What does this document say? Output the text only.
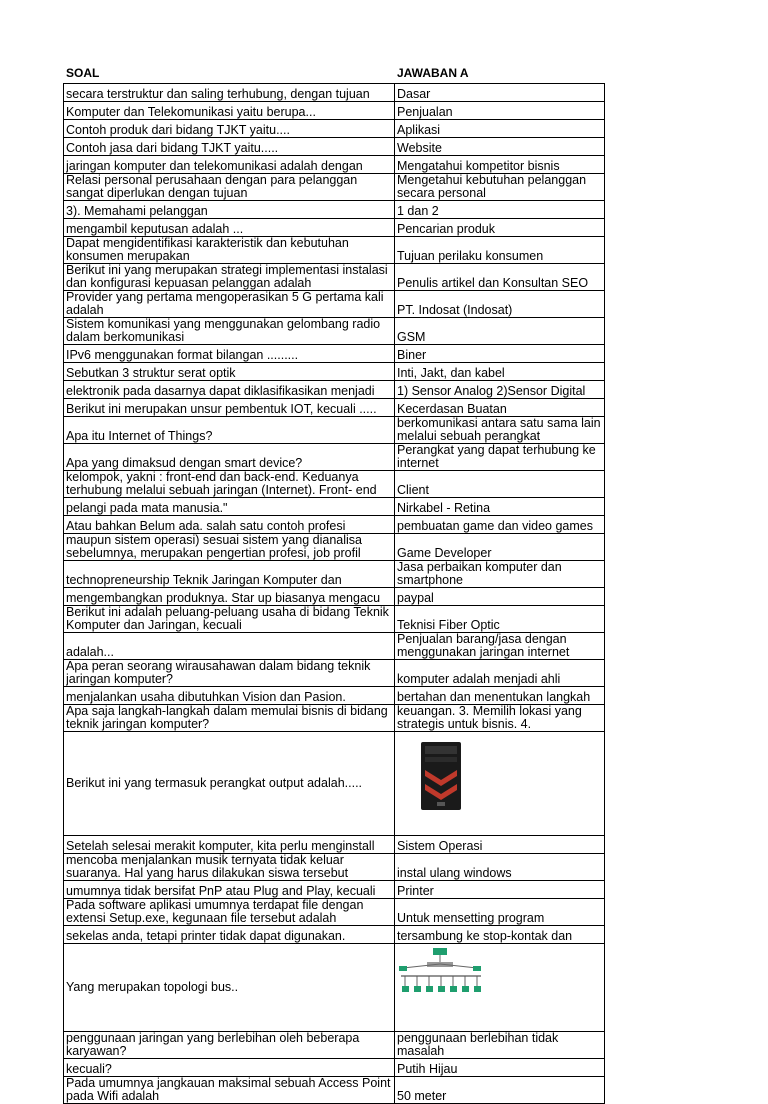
SOAL	JAWABAN A
secara terstruktur dan saling terhubung, dengan tujuan	Dasar

Komputer dan Telekomunikasi yaitu berupa...	Penjualan

Contoh produk dari bidang TJKT yaitu....	Aplikasi

Contoh jasa dari bidang TJKT yaitu.....	Website

jaringan komputer dan telekomunikasi adalah dengan	Mengatahui kompetitor bisnis

Relasi personal perusahaan dengan para pelanggan sangat diperlukan dengan tujuan	Mengetahui kebutuhan pelanggan secara personal

3). Memahami pelanggan	1 dan 2

mengambil keputusan adalah ...	Pencarian produk

Dapat mengidentifikasi karakteristik dan kebutuhan konsumen merupakan	Tujuan perilaku konsumen

Berikut ini yang merupakan strategi implementasi instalasi dan konfigurasi kepuasan pelanggan adalah	Penulis artikel dan Konsultan SEO

Provider yang pertama mengoperasikan 5 G pertama kali adalah	PT. Indosat (Indosat)

Sistem komunikasi yang menggunakan gelombang radio dalam berkomunikasi	GSM

IPv6 menggunakan format bilangan .........	Biner

Sebutkan 3 struktur serat optik	Inti, Jakt, dan kabel

elektronik pada dasarnya dapat diklasifikasikan menjadi	1) Sensor Analog 2)Sensor Digital

Berikut ini merupakan unsur pembentuk IOT, kecuali .....	Kecerdasan Buatan

Apa itu Internet of Things?	berkomunikasi antara satu sama lain melalui sebuah perangkat

Apa yang dimaksud dengan smart device?	Perangkat yang dapat terhubung ke internet

kelompok, yakni : front-end dan back-end. Keduanya terhubung melalui sebuah jaringan (Internet). Front- end	Client

pelangi pada mata manusia."	Nirkabel - Retina

Atau bahkan Belum ada. salah satu contoh profesi	pembuatan game dan video games

maupun sistem operasi) sesuai sistem yang dianalisa sebelumnya, merupakan pengertian profesi, job profil	Game Developer

technopreneurship Teknik Jaringan Komputer dan	Jasa perbaikan komputer dan smartphone

mengembangkan produknya. Star up biasanya mengacu	paypal

Berikut ini adalah peluang-peluang usaha di bidang Teknik Komputer dan Jaringan, kecuali	Teknisi Fiber Optic

adalah...	Penjualan barang/jasa dengan menggunakan jaringan internet

Apa peran seorang wirausahawan dalam bidang teknik jaringan komputer?	komputer adalah menjadi ahli

menjalankan usaha dibutuhkan Vision dan Pasion.	bertahan dan menentukan langkah

Apa saja langkah-langkah dalam memulai bisnis di bidang teknik jaringan komputer?	keuangan. 3. Memilih lokasi yang strategis untuk bisnis. 4.

Berikut ini yang termasuk perangkat output adalah.....

Setelah selesai merakit komputer, kita perlu menginstall	Sistem Operasi

mencoba menjalankan musik ternyata tidak keluar suaranya. Hal yang harus dilakukan siswa tersebut	instal ulang windows

umumnya tidak bersifat PnP atau Plug and Play, kecuali	Printer

Pada software aplikasi umumnya terdapat file dengan extensi Setup.exe, kegunaan file tersebut adalah	Untuk mensetting program

sekelas anda, tetapi printer tidak dapat digunakan.	tersambung ke stop-kontak dan

Yang merupakan topologi bus..

penggunaan jaringan yang berlebihan oleh beberapa karyawan?	penggunaan berlebihan tidak masalah

kecuali?	Putih Hijau

Pada umumnya jangkauan maksimal sebuah Access Point pada Wifi adalah	50 meter
